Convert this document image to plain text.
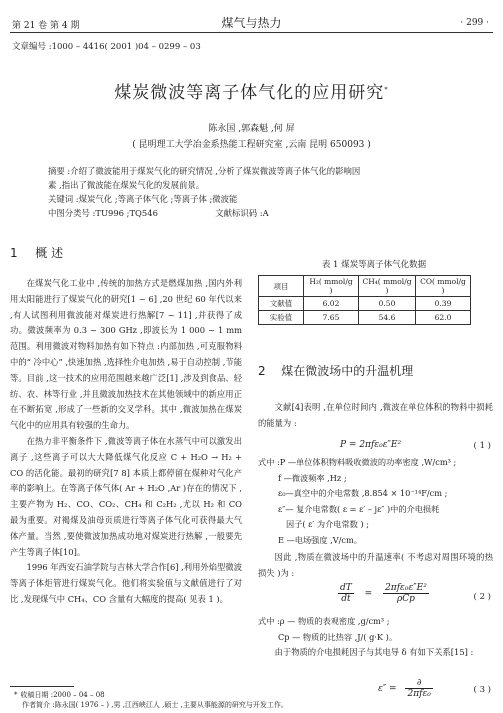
第 21 卷 第 4 期	煤气与热力	· 299 ·
文章编号 :1000 – 4416( 2001 )04 – 0299 – 03
煤炭微波等离子体气化的应用研究*
陈永国 ,郭森魁 ,何 屏
( 昆明理工大学冶金系热能工程研究室 ,云南 昆明 650093 )
摘要 :介绍了微波能用于煤炭气化的研究情况 ,分析了煤炭微波等离子体气化的影响因
素 ,指出了微波能在煤炭气化的发展前景。
关键词 :煤炭气化 ;等离子体气化 ;等离子体 ;微波能
中图分类号 :TU996 ;TQ546	文献标识码 :A
1 概 述

在煤炭气化工业中 ,传统的加热方式是燃煤加热 ,国内外利用太阳能进行了煤炭气化的研究[1 ~ 6] ,20 世纪 60 年代以来 ,有人试图利用微波能对煤炭进行热解[7 ~ 11] ,并获得了成功。微波频率为 0.3 ~ 300 GHz ,即波长为 1 000 ~ 1 mm 范围。利用微波对物料加热有如下特点 :内部加热 ,可克服物料中的“ 冷中心” ,快速加热 ,选择性介电加热 ,易于自动控制 ,节能等。目前 ,这一技术的应用范围越来越广泛[1] ,涉及到食品、轻纺、农、林等行业 ,并且微波加热技术在其他领域中的新应用正在不断拓宽 ,形成了一些新的交叉学科。其中 ,微波加热在煤炭气化中的应用具有较强的生命力。

在热力非平衡条件下 ,微波等离子体在水蒸气中可以激发出离子 ,这些离子可以大大降低煤气化反应 C + H₂O → H₂ + CO 的活化能。最初的研究[7 8] 本质上都停留在煤种对气化产率的影响上。在等离子体气体( Ar + H₂O ,Ar )存在的情况下 ,主要产物为 H₂、CO、CO₂、CH₄ 和 C₂H₂ ,尤以 H₂ 和 CO 最为重要。对褐煤及油母页质进行等离子体气化可获得最大气体产量。当然 ,要使微波加热成功地对煤炭进行热解 ,一般要先产生等离子体[10]。

1996 年西安石油学院与吉林大学合作[6] ,利用外焰型微波等离子体炬管进行煤炭气化。他们将实验值与文献值进行了对比 ,发现煤气中 CH₄、CO 含量有大幅度的提高( 见表 1 )。

表 1 煤炭等离子体气化数据
项目	H₂( mmol/g )	CH₄( mmol/g )	CO( mmol/g )
文献值	6.02	0.50	0.39
实验值	7.65	54.6	62.0
2 煤在微波场中的升温机理

文献[4]表明 ,在单位时间内 ,微波在单位体积的物料中损耗的能量为 :

P = 2πfε₀ε″E²	( 1 )
式中 :P —单位体积物料吸收微波的功率密度 ,W/cm³ ;
f —微波频率 ,Hz ;
ε₀—真空中的介电常数 ,8.854 × 10⁻¹⁴F/cm ;
ε″— 复介电常数( ε = ε′ – jε″ )中的介电损耗
因子( ε′ 为介电常数 ) ;
E —电场强度 ,V/cm。

因此 ,物质在微波场中的升温速率( 不考虑对周围环境的热损失 )为 :

$\frac{dT}{dt}$ =
2πfε₀ε″E²
ρCp	( 2 )
式中 :ρ — 物质的表观密度 ,g/cm³ ;
Cp — 物质的比热容 ,J/( g·K )。

由于物质的介电损耗因子与其电导 δ 有如下关系[15] :

ε″ =
∂
2πfε₀	( 3 )
* 收稿日期 :2000 – 04 – 08
作者简介 :陈永国( 1976 – ) ,男 ,江西峡江人 ,硕士 ,主要从事能源的研究与开发工作。
